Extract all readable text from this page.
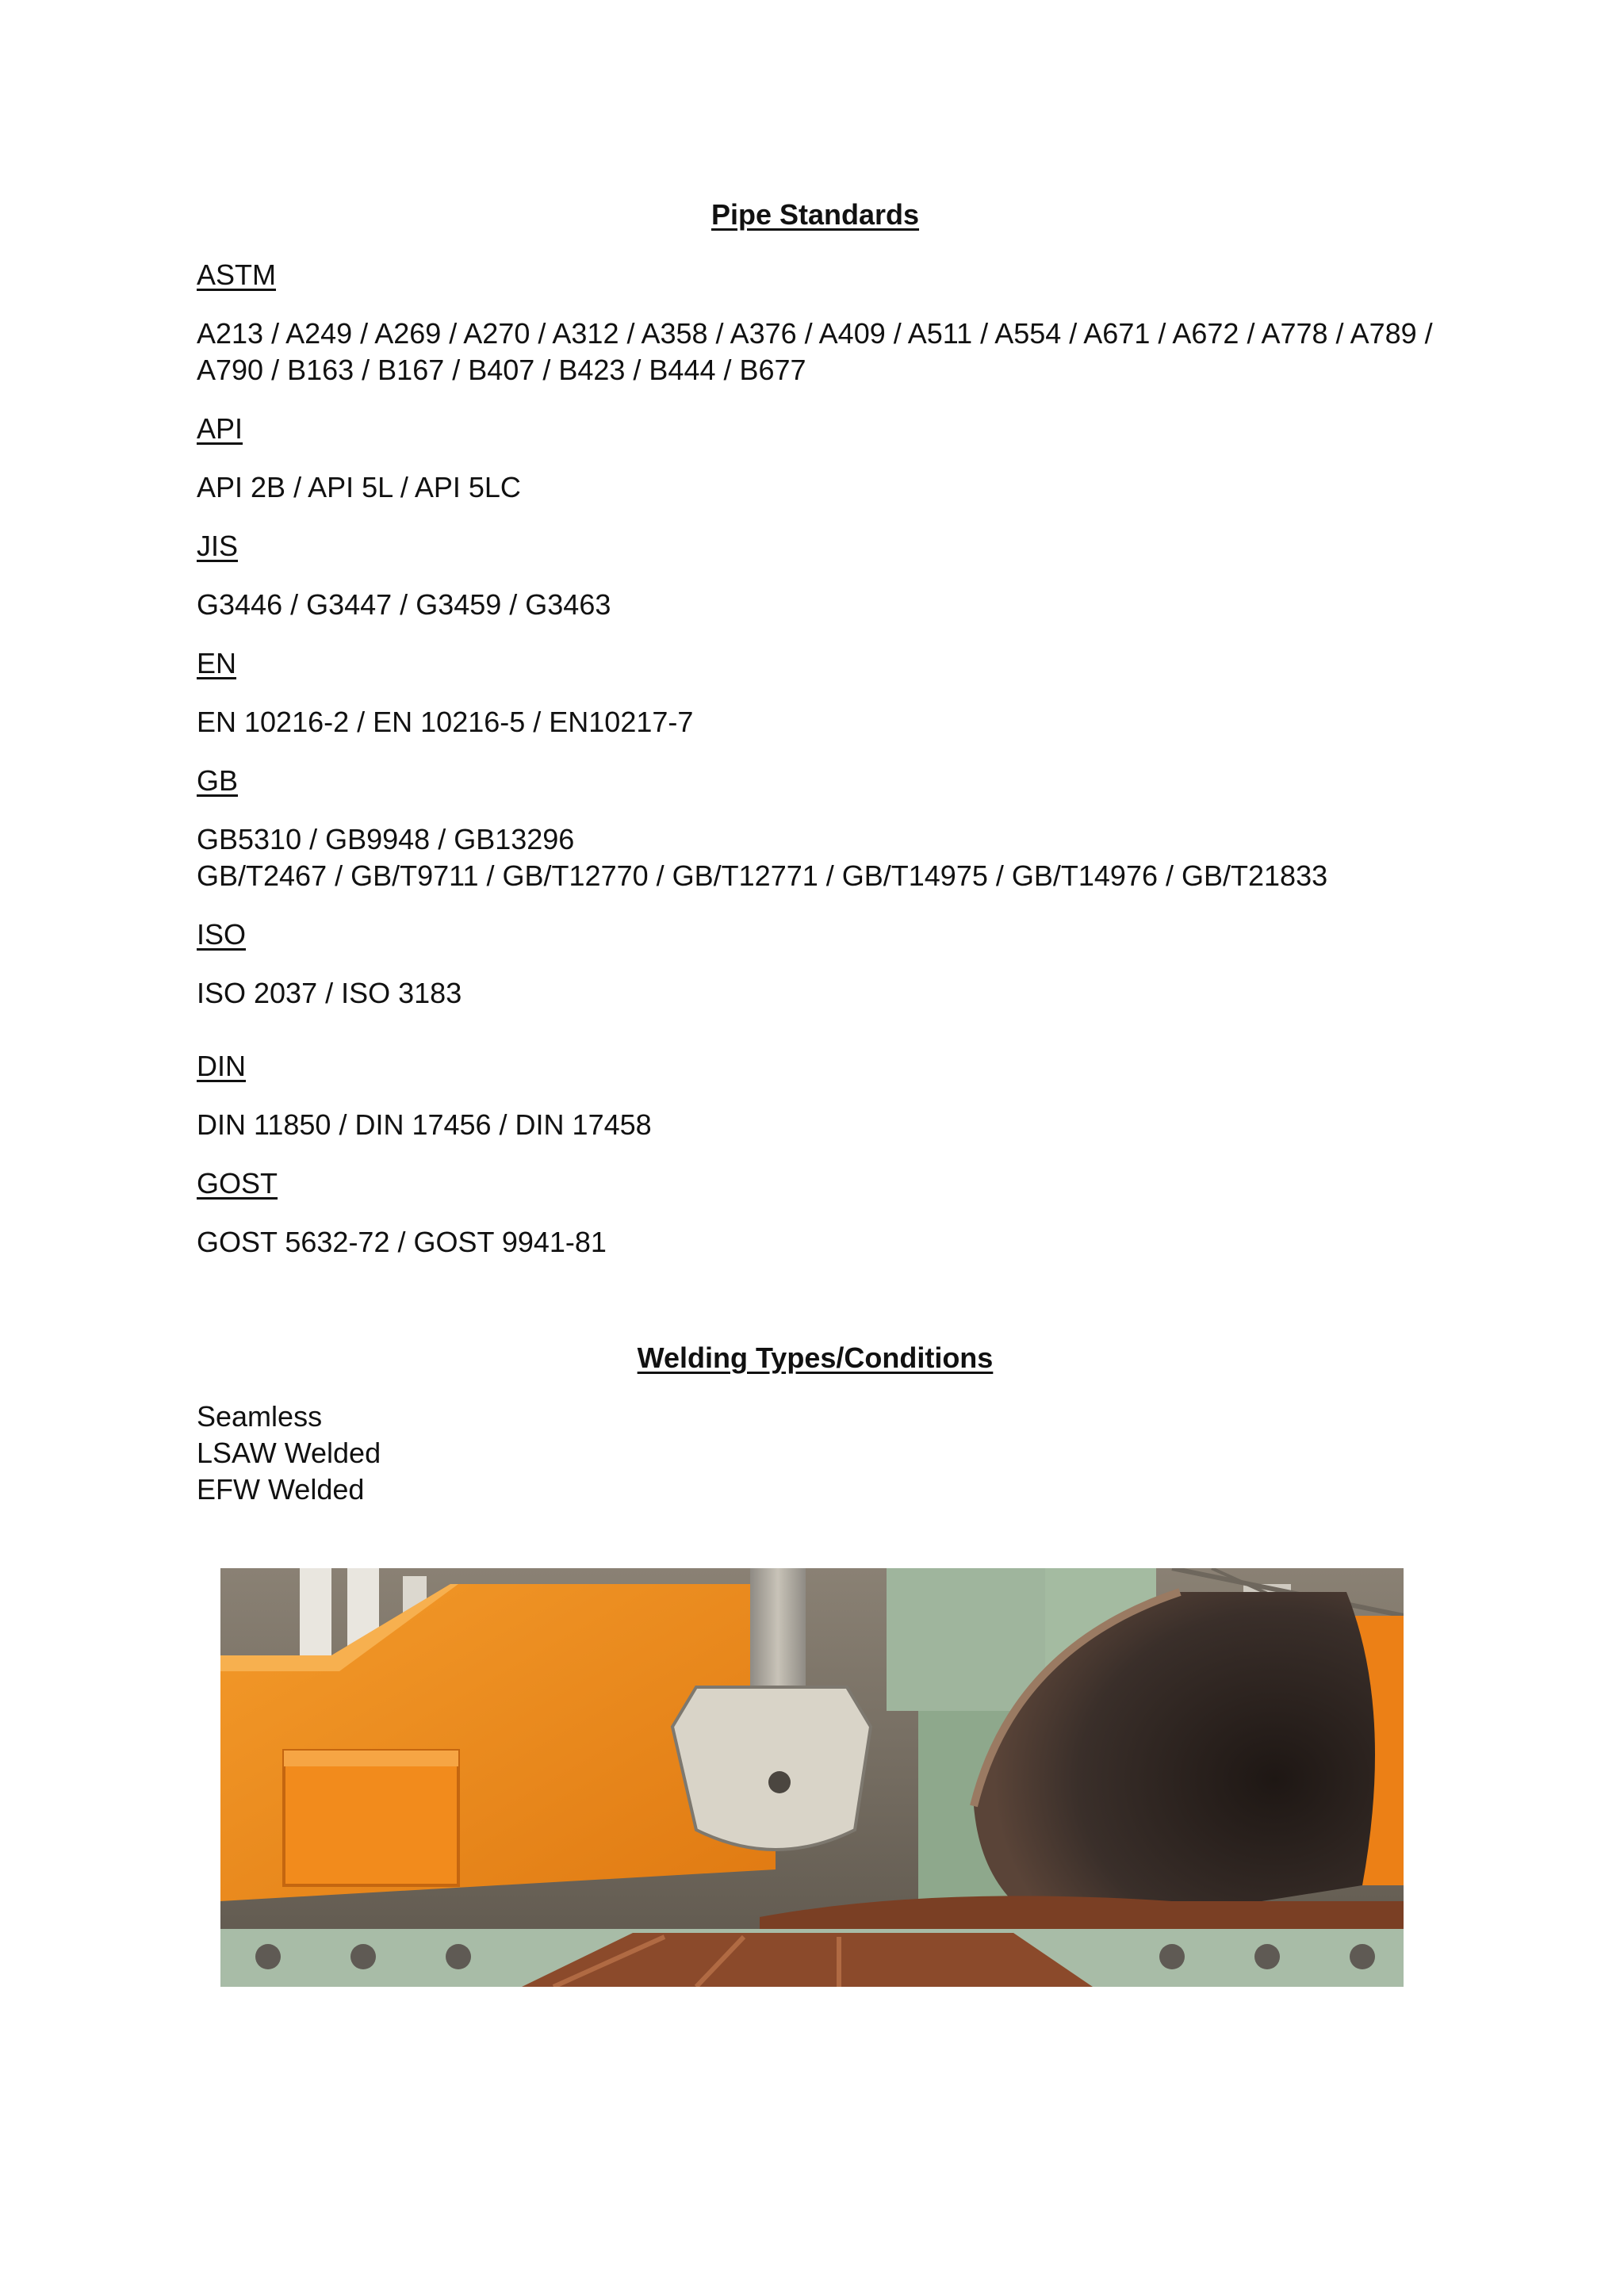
Pipe Standards
ASTM
A213 / A249 / A269 / A270 / A312 / A358 / A376 / A409 / A511 / A554 / A671 / A672 / A778 / A789 /
A790 / B163 / B167 / B407 / B423 / B444 / B677
API
API 2B / API 5L / API 5LC
JIS
G3446 / G3447 / G3459 / G3463
EN
EN 10216-2 / EN 10216-5 / EN10217-7
GB
GB5310 / GB9948 / GB13296
GB/T2467 / GB/T9711 / GB/T12770 / GB/T12771 / GB/T14975 / GB/T14976 / GB/T21833
ISO
ISO 2037 / ISO 3183
DIN
DIN 11850 / DIN 17456 / DIN 17458
GOST
GOST 5632-72 / GOST 9941-81
Welding Types/Conditions
Seamless
LSAW Welded
EFW Welded
